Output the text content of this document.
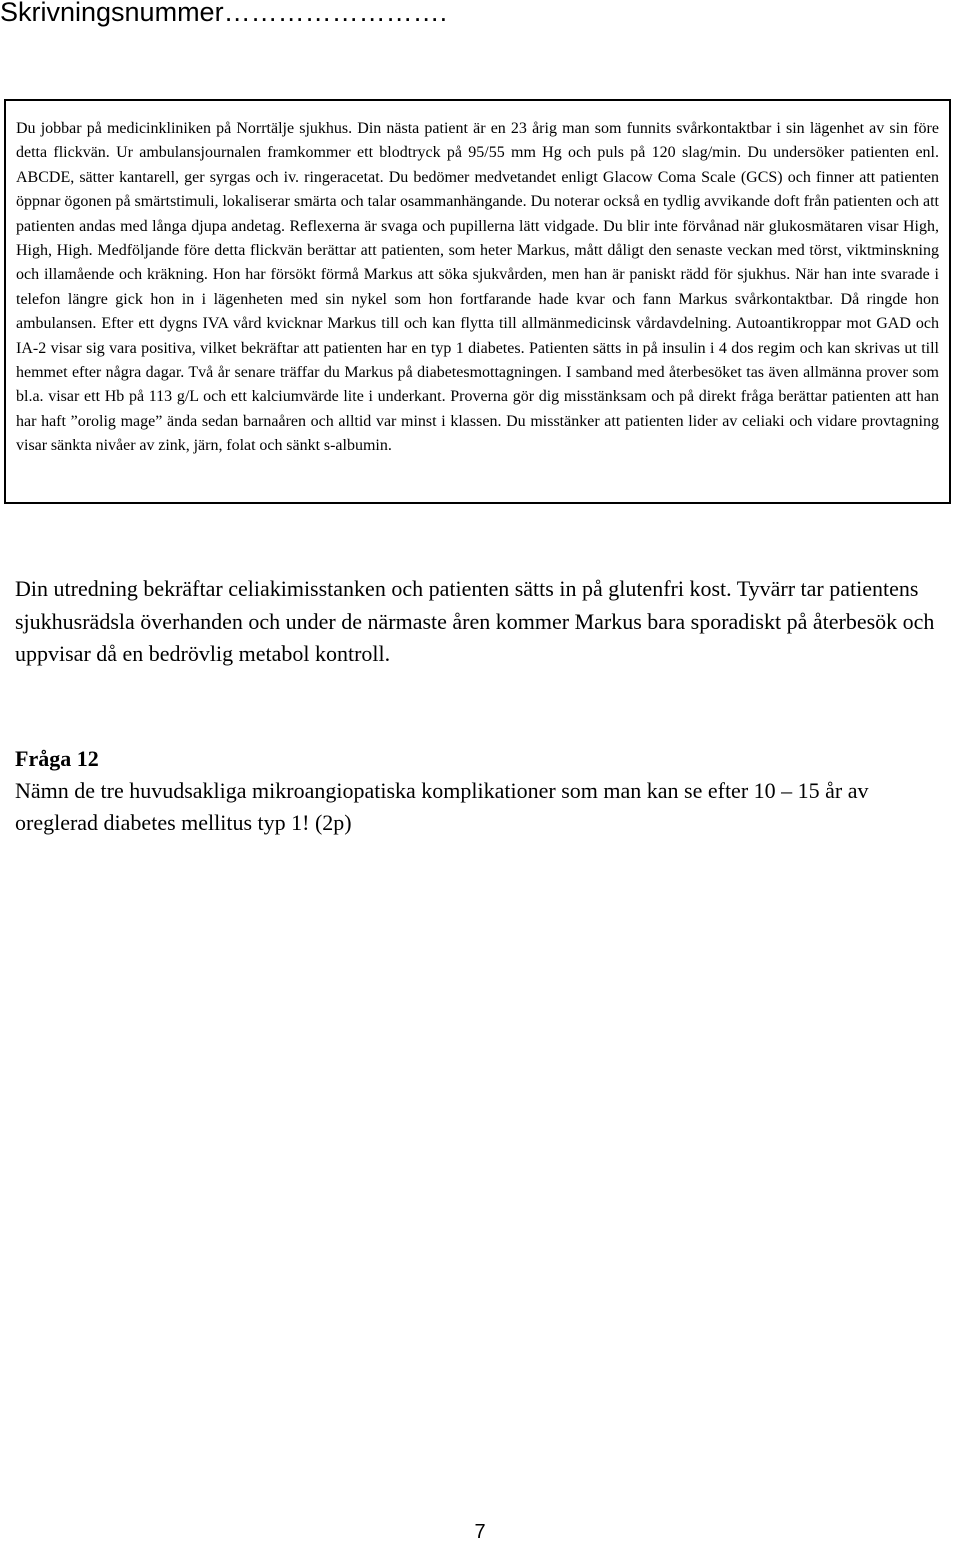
Skrivningsnummer…………………….

Du jobbar på medicinkliniken på Norrtälje sjukhus. Din nästa patient är en 23 årig man som funnits svårkontaktbar i sin lägenhet av sin före detta flickvän. Ur ambulansjournalen framkommer ett blodtryck på 95/55 mm Hg och puls på 120 slag/min. Du undersöker patienten enl. ABCDE, sätter kantarell, ger syrgas och iv. ringeracetat. Du bedömer medvetandet enligt Glacow Coma Scale (GCS) och finner att patienten öppnar ögonen på smärtstimuli, lokaliserar smärta och talar osammanhängande. Du noterar också en tydlig avvikande doft från patienten och att patienten andas med långa djupa andetag. Reflexerna är svaga och pupillerna lätt vidgade. Du blir inte förvånad när glukosmätaren visar High, High, High. Medföljande före detta flickvän berättar att patienten, som heter Markus, mått dåligt den senaste veckan med törst, viktminskning och illamående och kräkning. Hon har försökt förmå Markus att söka sjukvården, men han är paniskt rädd för sjukhus. När han inte svarade i telefon längre gick hon in i lägenheten med sin nykel som hon fortfarande hade kvar och fann Markus svårkontaktbar. Då ringde hon ambulansen. Efter ett dygns IVA vård kvicknar Markus till och kan flytta till allmänmedicinsk vårdavdelning. Autoantikroppar mot GAD och IA-2 visar sig vara positiva, vilket bekräftar att patienten har en typ 1 diabetes. Patienten sätts in på insulin i 4 dos regim och kan skrivas ut till hemmet efter några dagar. Två år senare träffar du Markus på diabetesmottagningen. I samband med återbesöket tas även allmänna prover som bl.a. visar ett Hb på 113 g/L och ett kalciumvärde lite i underkant. Proverna gör dig misstänksam och på direkt fråga berättar patienten att han har haft ”orolig mage” ända sedan barnaåren och alltid var minst i klassen. Du misstänker att patienten lider av celiaki och vidare provtagning visar sänkta nivåer av zink, järn, folat och sänkt s-albumin.

Din utredning bekräftar celiakimisstanken och patienten sätts in på glutenfri kost. Tyvärr tar patientens sjukhusrädsla överhanden och under de närmaste åren kommer Markus bara sporadiskt på återbesök och uppvisar då en bedrövlig metabol kontroll.

Fråga 12

Nämn de tre huvudsakliga mikroangiopatiska komplikationer som man kan se efter 10 – 15 år av oreglerad diabetes mellitus typ 1! (2p)

7
